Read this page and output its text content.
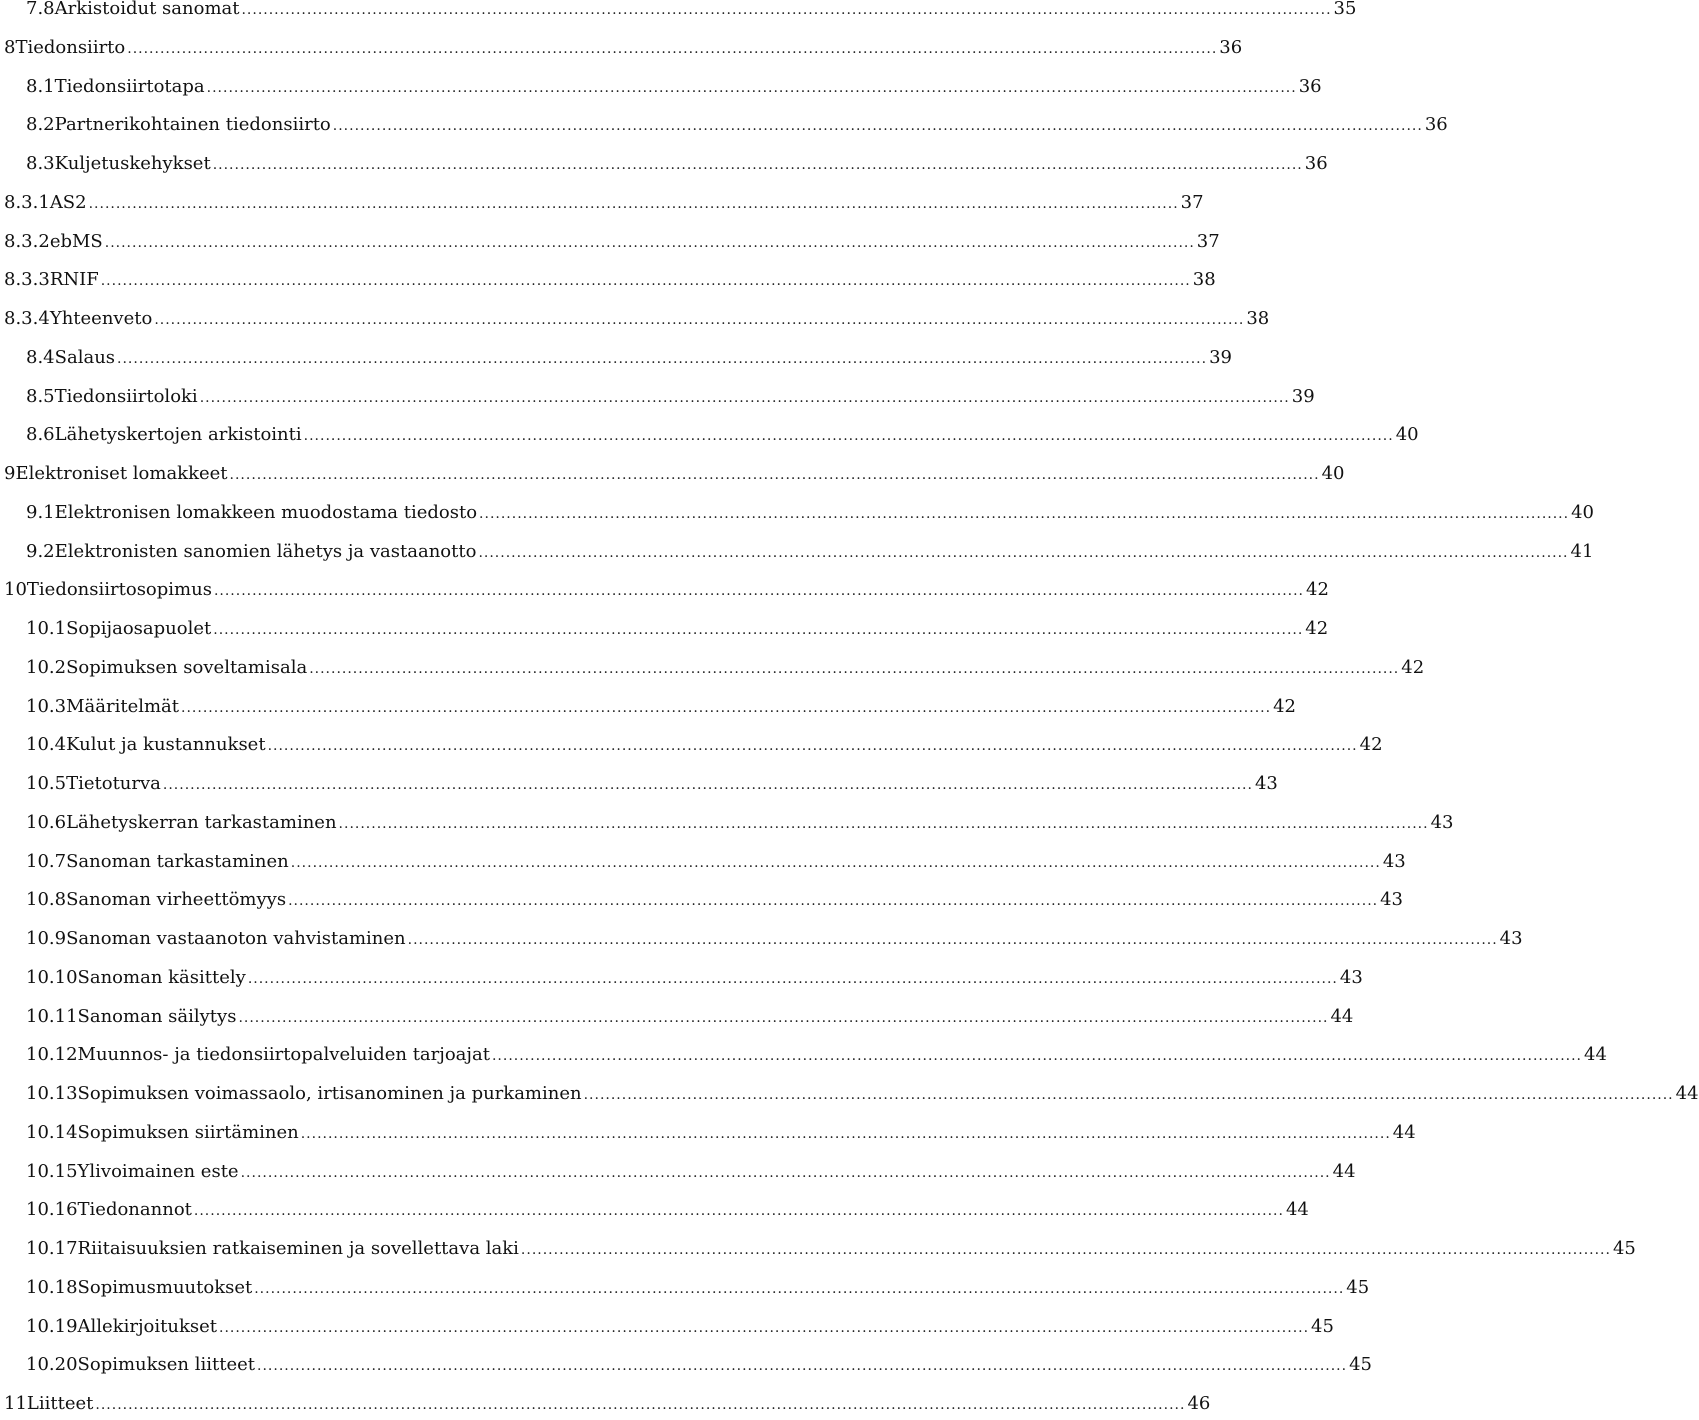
7.8 Arkistoidut sanomat ........................................................................................................................................................................................................ 35
8 Tiedonsiirto ........................................................................................................................................................................................................ 36
8.1 Tiedonsiirtotapa ........................................................................................................................................................................................................ 36
8.2 Partnerikohtainen tiedonsiirto ........................................................................................................................................................................................................ 36
8.3 Kuljetuskehykset ........................................................................................................................................................................................................ 36
8.3.1 AS2 ........................................................................................................................................................................................................ 37
8.3.2 ebMS ........................................................................................................................................................................................................ 37
8.3.3 RNIF ........................................................................................................................................................................................................ 38
8.3.4 Yhteenveto ........................................................................................................................................................................................................ 38
8.4 Salaus ........................................................................................................................................................................................................ 39
8.5 Tiedonsiirtoloki ........................................................................................................................................................................................................ 39
8.6 Lähetyskertojen arkistointi ........................................................................................................................................................................................................ 40
9 Elektroniset lomakkeet ........................................................................................................................................................................................................ 40
9.1 Elektronisen lomakkeen muodostama tiedosto ........................................................................................................................................................................................................ 40
9.2 Elektronisten sanomien lähetys ja vastaanotto ........................................................................................................................................................................................................ 41
10 Tiedonsiirtosopimus ........................................................................................................................................................................................................ 42
10.1 Sopijaosapuolet ........................................................................................................................................................................................................ 42
10.2 Sopimuksen soveltamisala ........................................................................................................................................................................................................ 42
10.3 Määritelmät ........................................................................................................................................................................................................ 42
10.4 Kulut ja kustannukset ........................................................................................................................................................................................................ 42
10.5 Tietoturva ........................................................................................................................................................................................................ 43
10.6 Lähetyskerran tarkastaminen ........................................................................................................................................................................................................ 43
10.7 Sanoman tarkastaminen ........................................................................................................................................................................................................ 43
10.8 Sanoman virheettömyys ........................................................................................................................................................................................................ 43
10.9 Sanoman vastaanoton vahvistaminen ........................................................................................................................................................................................................ 43
10.10 Sanoman käsittely ........................................................................................................................................................................................................ 43
10.11 Sanoman säilytys ........................................................................................................................................................................................................ 44
10.12 Muunnos- ja tiedonsiirtopalveluiden tarjoajat ........................................................................................................................................................................................................ 44
10.13 Sopimuksen voimassaolo, irtisanominen ja purkaminen ........................................................................................................................................................................................................ 44
10.14 Sopimuksen siirtäminen ........................................................................................................................................................................................................ 44
10.15 Ylivoimainen este ........................................................................................................................................................................................................ 44
10.16 Tiedonannot ........................................................................................................................................................................................................ 44
10.17 Riitaisuuksien ratkaiseminen ja sovellettava laki ........................................................................................................................................................................................................ 45
10.18 Sopimusmuutokset ........................................................................................................................................................................................................ 45
10.19 Allekirjoitukset ........................................................................................................................................................................................................ 45
10.20 Sopimuksen liitteet ........................................................................................................................................................................................................ 45
11 Liitteet ........................................................................................................................................................................................................ 46
